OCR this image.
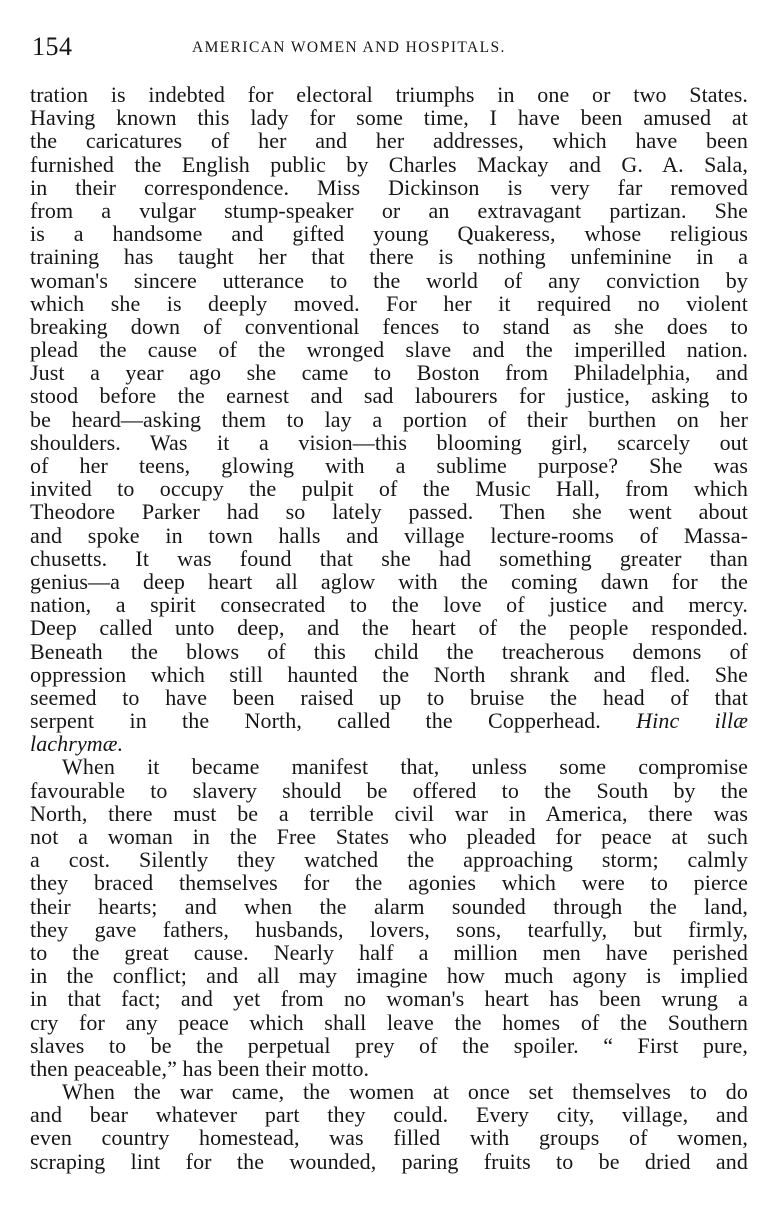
154	AMERICAN WOMEN AND HOSPITALS.
tration is indebted for electoral triumphs in one or two States.
Having known this lady for some time, I have been amused at
the caricatures of her and her addresses, which have been
furnished the English public by Charles Mackay and G. A. Sala,
in their correspondence. Miss Dickinson is very far removed
from a vulgar stump-speaker or an extravagant partizan. She
is a handsome and gifted young Quakeress, whose religious
training has taught her that there is nothing unfeminine in a
woman's sincere utterance to the world of any conviction by
which she is deeply moved. For her it required no violent
breaking down of conventional fences to stand as she does to
plead the cause of the wronged slave and the imperilled nation.
Just a year ago she came to Boston from Philadelphia, and
stood before the earnest and sad labourers for justice, asking to
be heard—asking them to lay a portion of their burthen on her
shoulders. Was it a vision—this blooming girl, scarcely out
of her teens, glowing with a sublime purpose? She was
invited to occupy the pulpit of the Music Hall, from which
Theodore Parker had so lately passed. Then she went about
and spoke in town halls and village lecture-rooms of Massa-
chusetts. It was found that she had something greater than
genius—a deep heart all aglow with the coming dawn for the
nation, a spirit consecrated to the love of justice and mercy.
Deep called unto deep, and the heart of the people responded.
Beneath the blows of this child the treacherous demons of
oppression which still haunted the North shrank and fled. She
seemed to have been raised up to bruise the head of that
serpent in the North, called the Copperhead. Hinc illæ
lachrymæ.
When it became manifest that, unless some compromise
favourable to slavery should be offered to the South by the
North, there must be a terrible civil war in America, there was
not a woman in the Free States who pleaded for peace at such
a cost. Silently they watched the approaching storm; calmly
they braced themselves for the agonies which were to pierce
their hearts; and when the alarm sounded through the land,
they gave fathers, husbands, lovers, sons, tearfully, but firmly,
to the great cause. Nearly half a million men have perished
in the conflict; and all may imagine how much agony is implied
in that fact; and yet from no woman's heart has been wrung a
cry for any peace which shall leave the homes of the Southern
slaves to be the perpetual prey of the spoiler. “ First pure,
then peaceable,” has been their motto.
When the war came, the women at once set themselves to do
and bear whatever part they could. Every city, village, and
even country homestead, was filled with groups of women,
scraping lint for the wounded, paring fruits to be dried and
